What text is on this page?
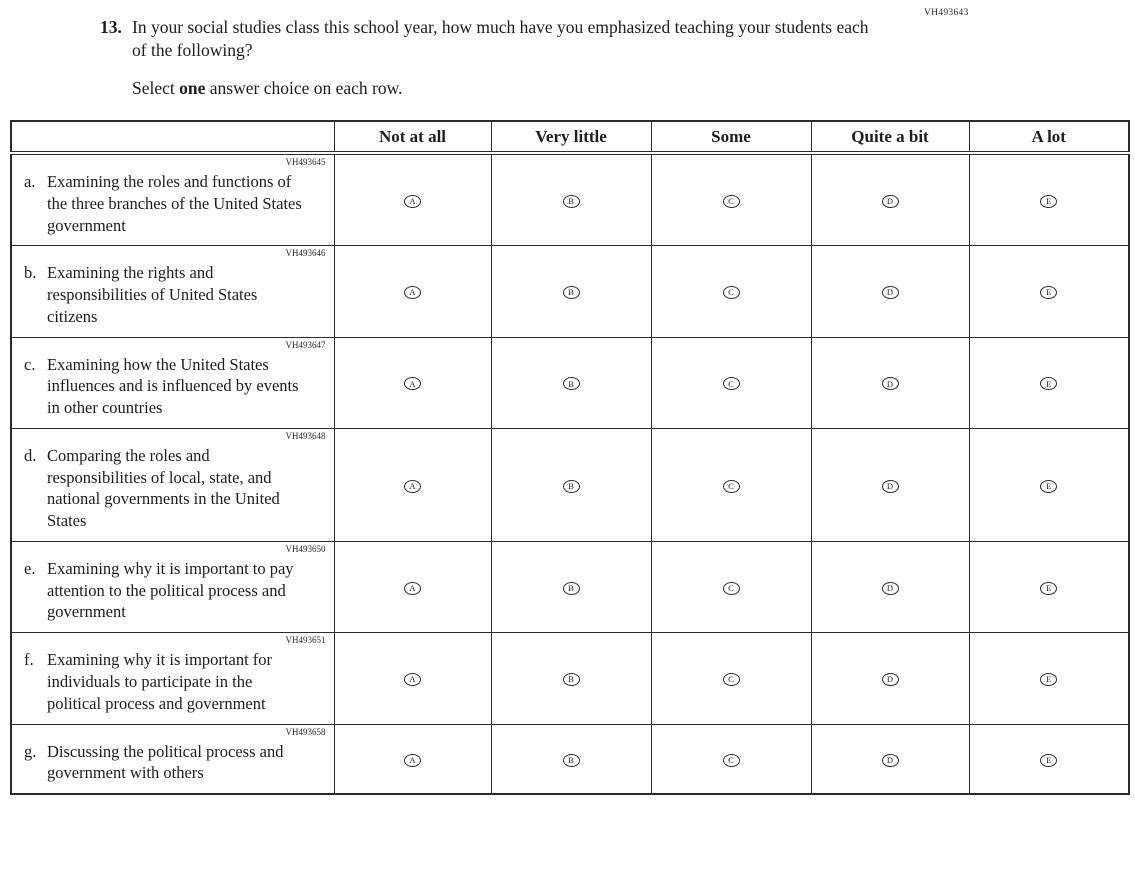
VH493643
13. In your social studies class this school year, how much have you emphasized teaching your students each of the following?
Select one answer choice on each row.
	Not at all	Very little	Some	Quite a bit	A lot

VH493645
a. Examining the roles and functions of the three branches of the United States government	A	B	C	D	E

VH493646
b. Examining the rights and responsibilities of United States citizens	A	B	C	D	E

VH493647
c. Examining how the United States influences and is influenced by events in other countries	A	B	C	D	E

VH493648
d. Comparing the roles and responsibilities of local, state, and national governments in the United States	A	B	C	D	E

VH493650
e. Examining why it is important to pay attention to the political process and government	A	B	C	D	E

VH493651
f. Examining why it is important for individuals to participate in the political process and government	A	B	C	D	E

VH493658
g. Discussing the political process and government with others	A	B	C	D	E
